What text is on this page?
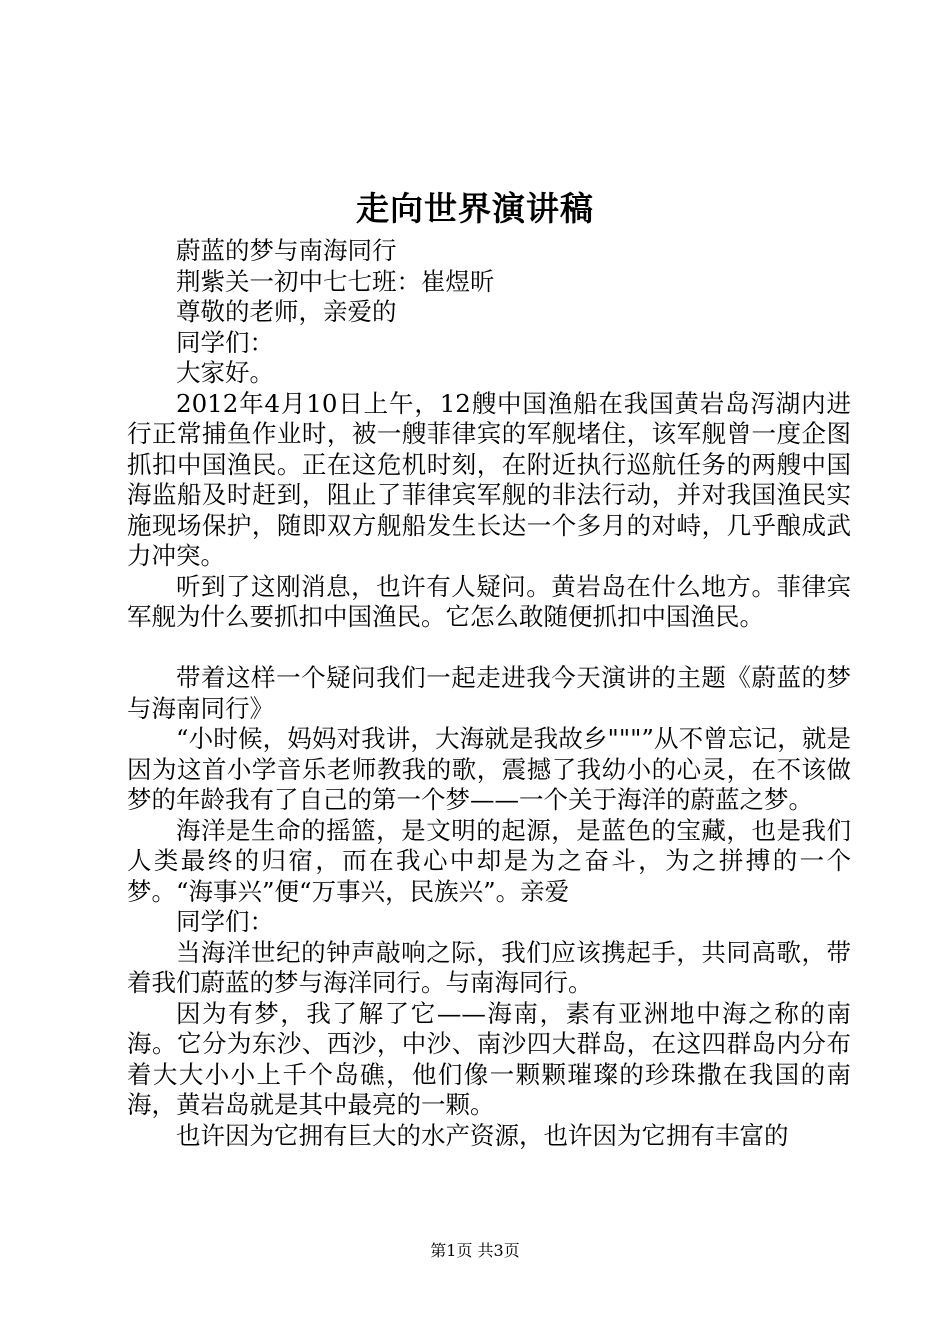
走向世界演讲稿

蔚蓝的梦与南海同行

荆紫关一初中七七班：崔煜昕

尊敬的老师，亲爱的

同学们：

大家好。

2012年4月10日上午，12艘中国渔船在我国黄岩岛泻湖内进行正常捕鱼作业时，被一艘菲律宾的军舰堵住，该军舰曾一度企图抓扣中国渔民。正在这危机时刻，在附近执行巡航任务的两艘中国海监船及时赶到，阻止了菲律宾军舰的非法行动，并对我国渔民实施现场保护，随即双方舰船发生长达一个多月的对峙，几乎酿成武力冲突。

听到了这刚消息，也许有人疑问。黄岩岛在什么地方。菲律宾军舰为什么要抓扣中国渔民。它怎么敢随便抓扣中国渔民。

带着这样一个疑问我们一起走进我今天演讲的主题《蔚蓝的梦与海南同行》

“小时候，妈妈对我讲，大海就是我故乡"""”从不曾忘记，就是因为这首小学音乐老师教我的歌，震撼了我幼小的心灵，在不该做梦的年龄我有了自己的第一个梦——一个关于海洋的蔚蓝之梦。

海洋是生命的摇篮，是文明的起源，是蓝色的宝藏，也是我们人类最终的归宿，而在我心中却是为之奋斗，为之拼搏的一个梦。“海事兴”便“万事兴，民族兴”。亲爱

同学们：

当海洋世纪的钟声敲响之际，我们应该携起手，共同高歌，带着我们蔚蓝的梦与海洋同行。与南海同行。

因为有梦，我了解了它——海南，素有亚洲地中海之称的南海。它分为东沙、西沙，中沙、南沙四大群岛，在这四群岛内分布着大大小小上千个岛礁，他们像一颗颗璀璨的珍珠撒在我国的南海，黄岩岛就是其中最亮的一颗。

也许因为它拥有巨大的水产资源，也许因为它拥有丰富的

第1页 共3页
